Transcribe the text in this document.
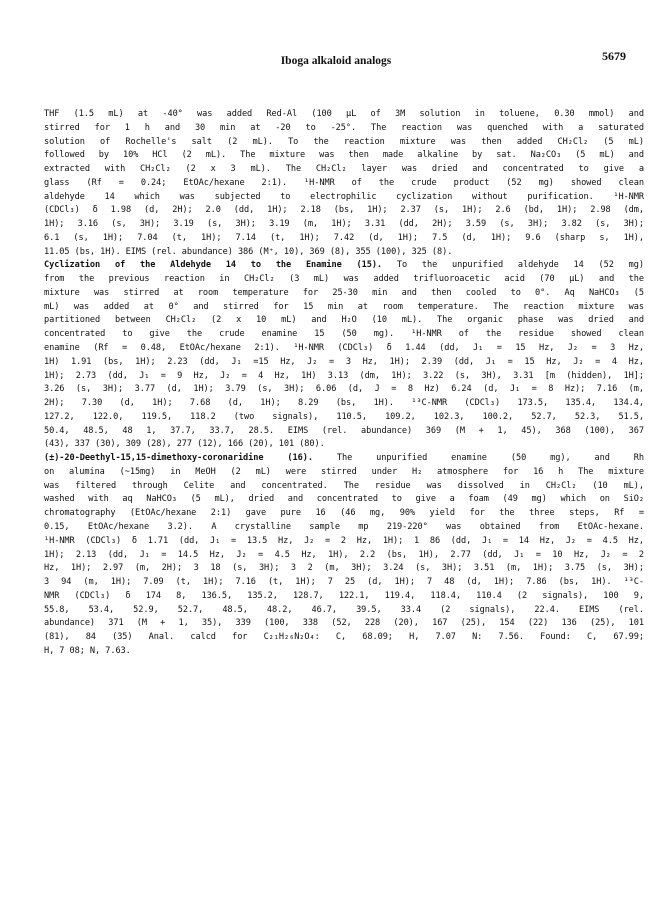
Iboga alkaloid analogs	5679
THF (1.5 mL) at -40° was added Red-Al (100 μL of 3M solution in toluene, 0.30 mmol) and
stirred for 1 h and 30 min at -20 to -25°. The reaction was quenched with a saturated
solution of Rochelle's salt (2 mL). To the reaction mixture was then added CH₂Cl₂ (5 mL)
followed by 10% HCl (2 mL). The mixture was then made alkaline by sat. Na₂CO₃ (5 mL) and
extracted with CH₂Cl₂ (2 x 3 mL). The CH₂Cl₂ layer was dried and concentrated to give a
glass (Rf = 0.24; EtOAc/hexane 2:1). ¹H-NMR of the crude product (52 mg) showed clean
aldehyde 14 which was subjected to electrophilic cyclization without purification. ¹H-NMR
(CDCl₃) δ 1.98 (d, 2H); 2.0 (dd, 1H); 2.18 (bs, 1H); 2.37 (s, 1H); 2.6 (bd, 1H); 2.98 (dm,
1H); 3.16 (s, 3H); 3.19 (s, 3H); 3.19 (m, 1H); 3.31 (dd, 2H); 3.59 (s, 3H); 3.82 (s, 3H);
6.1 (s, 1H); 7.04 (t, 1H); 7.14 (t, 1H); 7.42 (d, 1H); 7.5 (d, 1H); 9.6 (sharp s, 1H),
11.05 (bs, 1H). EIMS (rel. abundance) 386 (M⁺, 10), 369 (8), 355 (100), 325 (8).
Cyclization of the Aldehyde 14 to the Enamine (15). To the unpurified aldehyde 14 (52 mg)
from the previous reaction in CH₂Cl₂ (3 mL) was added trifluoroacetic acid (70 μL) and the
mixture was stirred at room temperature for 25-30 min and then cooled to 0°. Aq NaHCO₃ (5
mL) was added at 0° and stirred for 15 min at room temperature. The reaction mixture was
partitioned between CH₂Cl₂ (2 x 10 mL) and H₂O (10 mL). The organic phase was dried and
concentrated to give the crude enamine 15 (50 mg). ¹H-NMR of the residue showed clean
enamine (Rf = 0.48, EtOAc/hexane 2:1). ¹H-NMR (CDCl₃) δ 1.44 (dd, J₁ = 15 Hz, J₂ = 3 Hz,
1H) 1.91 (bs, 1H); 2.23 (dd, J₁ =15 Hz, J₂ = 3 Hz, 1H); 2.39 (dd, J₁ = 15 Hz, J₂ = 4 Hz,
1H); 2.73 (dd, J₁ = 9 Hz, J₂ = 4 Hz, 1H) 3.13 (dm, 1H); 3.22 (s, 3H), 3.31 [m (hidden), 1H];
3.26 (s, 3H); 3.77 (d, 1H); 3.79 (s, 3H); 6.06 (d, J = 8 Hz) 6.24 (d, J₁ = 8 Hz); 7.16 (m,
2H); 7.30 (d, 1H); 7.68 (d, 1H); 8.29 (bs, 1H). ¹³C-NMR (CDCl₃) 173.5, 135.4, 134.4,
127.2, 122.0, 119.5, 118.2 (two signals), 110.5, 109.2, 102.3, 100.2, 52.7, 52.3, 51.5,
50.4, 48.5, 48 1, 37.7, 33.7, 28.5. EIMS (rel. abundance) 369 (M + 1, 45), 368 (100), 367
(43), 337 (30), 309 (28), 277 (12), 166 (20), 101 (80).
(±)-20-Deethyl-15,15-dimethoxy-coronaridine (16). The unpurified enamine (50 mg), and Rh
on alumina (~15mg) in MeOH (2 mL) were stirred under H₂ atmosphere for 16 h The mixture
was filtered through Celite and concentrated. The residue was dissolved in CH₂Cl₂ (10 mL),
washed with aq NaHCO₃ (5 mL), dried and concentrated to give a foam (49 mg) which on SiO₂
chromatography (EtOAc/hexane 2:1) gave pure 16 (46 mg, 90% yield for the three steps, Rf =
0.15, EtOAc/hexane 3.2). A crystalline sample mp 219-220° was obtained from EtOAc-hexane.
¹H-NMR (CDCl₃) δ 1.71 (dd, J₁ = 13.5 Hz, J₂ = 2 Hz, 1H); 1 86 (dd, J₁ = 14 Hz, J₂ = 4.5 Hz,
1H); 2.13 (dd, J₁ = 14.5 Hz, J₂ = 4.5 Hz, 1H), 2.2 (bs, 1H), 2.77 (dd, J₁ = 10 Hz, J₂ = 2
Hz, 1H); 2.97 (m, 2H); 3 18 (s, 3H); 3 2 (m, 3H); 3.24 (s, 3H); 3.51 (m, 1H); 3.75 (s, 3H);
3 94 (m, 1H); 7.09 (t, 1H); 7.16 (t, 1H); 7 25 (d, 1H); 7 48 (d, 1H); 7.86 (bs, 1H). ¹³C-
NMR (CDCl₃) δ 174 8, 136.5, 135.2, 128.7, 122.1, 119.4, 118.4, 110.4 (2 signals), 100 9,
55.8, 53.4, 52.9, 52.7, 48.5, 48.2, 46.7, 39.5, 33.4 (2 signals), 22.4. EIMS (rel.
abundance) 371 (M + 1, 35), 339 (100, 338 (52, 228 (20), 167 (25), 154 (22) 136 (25), 101
(81), 84 (35) Anal. calcd for C₂₁H₂₆N₂O₄: C, 68.09; H, 7.07 N: 7.56. Found: C, 67.99;
H, 7 08; N, 7.63.
